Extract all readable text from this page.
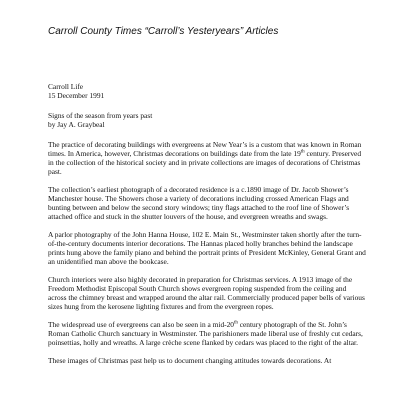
Carroll County Times “Carroll’s Yesteryears” Articles

Carroll Life

15 December 1991

Signs of the season from years past

by Jay A. Graybeal

The practice of decorating buildings with evergreens at New Year’s is a custom that was known in Roman times. In America, however, Christmas decorations on buildings date from the late 19th century. Preserved in the collection of the historical society and in private collections are images of decorations of Christmas past.

The collection’s earliest photograph of a decorated residence is a c.1890 image of Dr. Jacob Shower’s Manchester house. The Showers chose a variety of decorations including crossed American Flags and bunting between and below the second story windows; tiny flags attached to the roof line of Shower’s attached office and stuck in the shutter louvers of the house, and evergreen wreaths and swags.

A parlor photography of the John Hanna House, 102 E. Main St., Westminster taken shortly after the turn-of-the-century documents interior decorations. The Hannas placed holly branches behind the landscape prints hung above the family piano and behind the portrait prints of President McKinley, General Grant and an unidentified man above the bookcase.

Church interiors were also highly decorated in preparation for Christmas services. A 1913 image of the Freedom Methodist Episcopal South Church shows evergreen roping suspended from the ceiling and across the chimney breast and wrapped around the altar rail. Commercially produced paper bells of various sizes hung from the kerosene lighting fixtures and from the evergreen ropes.

The widespread use of evergreens can also be seen in a mid-20th century photograph of the St. John’s Roman Catholic Church sanctuary in Westminster. The parishioners made liberal use of freshly cut cedars, poinsettias, holly and wreaths. A large crèche scene flanked by cedars was placed to the right of the altar.

These images of Christmas past help us to document changing attitudes towards decorations. At
